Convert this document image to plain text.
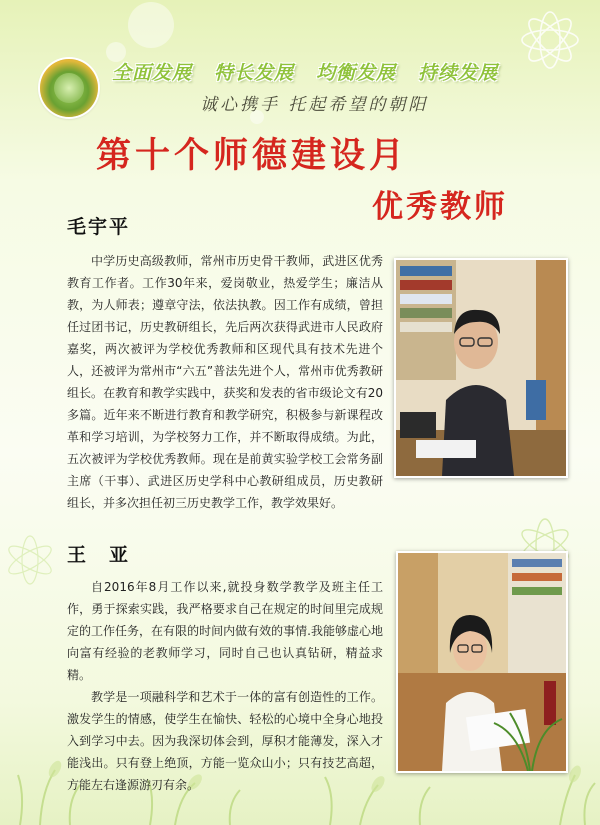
全面发展 特长发展 均衡发展 持续发展
诚心携手 托起希望的朝阳
第十个师德建设月
优秀教师
毛宇平

中学历史高级教师，常州市历史骨干教师，武进区优秀教育工作者。工作30年来，爱岗敬业，热爱学生；廉洁从教，为人师表；遵章守法，依法执教。因工作有成绩，曾担任过团书记，历史教研组长，先后两次获得武进市人民政府嘉奖，两次被评为学校优秀教师和区现代具有技术先进个人，还被评为常州市“六五”普法先进个人，常州市优秀教研组长。在教育和教学实践中，获奖和发表的省市级论文有20多篇。近年来不断进行教育和教学研究，积极参与新课程改革和学习培训，为学校努力工作，并不断取得成绩。为此，五次被评为学校优秀教师。现在是前黄实验学校工会常务副主席（干事）、武进区历史学科中心教研组成员，历史教研组长，并多次担任初三历史教学工作，教学效果好。

王　亚

自2016年8月工作以来,就投身数学教学及班主任工作，勇于探索实践，我严格要求自己在规定的时间里完成规定的工作任务，在有限的时间内做有效的事情.我能够虚心地向富有经验的老教师学习，同时自己也认真钻研，精益求精。

教学是一项融科学和艺术于一体的富有创造性的工作。激发学生的情感，使学生在愉快、轻松的心境中全身心地投入到学习中去。因为我深切体会到，厚积才能薄发，深入才能浅出。只有登上绝顶，方能一览众山小；只有技艺高超，方能左右逢源游刃有余。
